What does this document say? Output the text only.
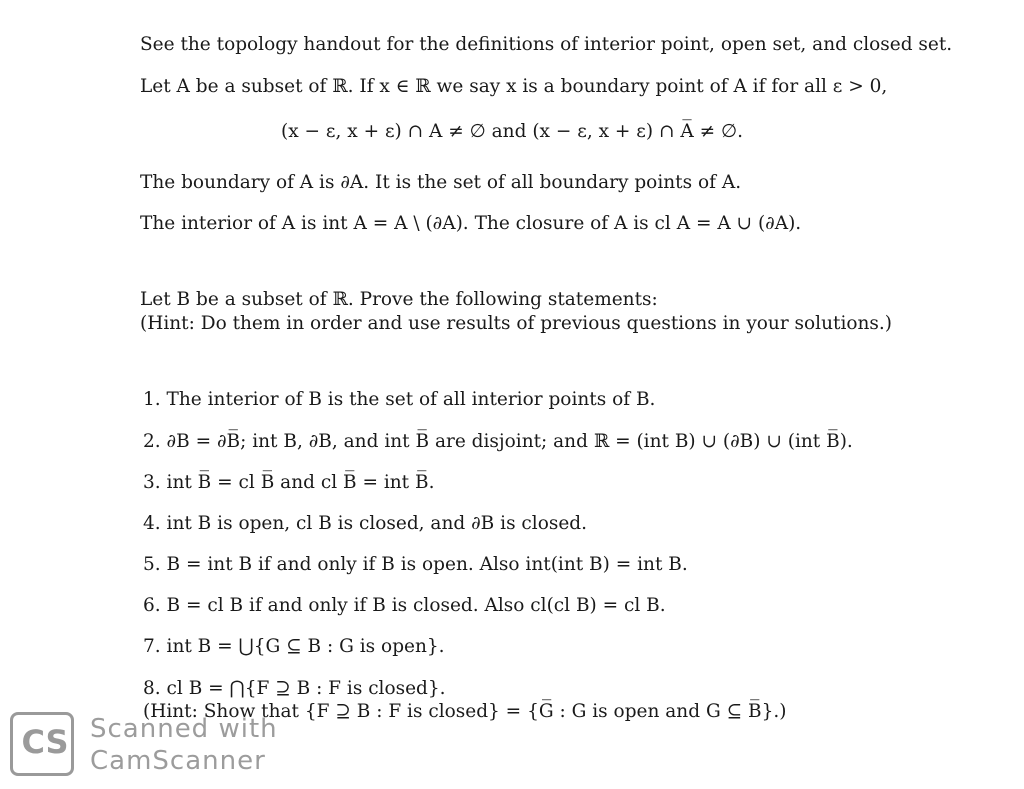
See the topology handout for the definitions of interior point, open set, and closed set.
Let A be a subset of ℝ. If x ∈ ℝ we say x is a boundary point of A if for all ε > 0,
(x − ε, x + ε) ∩ A ≠ ∅ and (x − ε, x + ε) ∩ A̅ ≠ ∅.
The boundary of A is ∂A. It is the set of all boundary points of A.
The interior of A is int A = A \ (∂A). The closure of A is cl A = A ∪ (∂A).
Let B be a subset of ℝ. Prove the following statements:
(Hint: Do them in order and use results of previous questions in your solutions.)
1. The interior of B is the set of all interior points of B.
2. ∂B = ∂B̅; int B, ∂B, and int B̅ are disjoint; and ℝ = (int B) ∪ (∂B) ∪ (int B̅).
3. int B̅ = cl B̅ and cl B̅ = int B̅.
4. int B is open, cl B is closed, and ∂B is closed.
5. B = int B if and only if B is open. Also int(int B) = int B.
6. B = cl B if and only if B is closed. Also cl(cl B) = cl B.
7. int B = ⋃{G ⊆ B : G is open}.
8. cl B = ⋂{F ⊇ B : F is closed}.
(Hint: Show that {F ⊇ B : F is closed} = {G̅ : G is open and G ⊆ B̅}.)
CS Scanned with
CamScanner
